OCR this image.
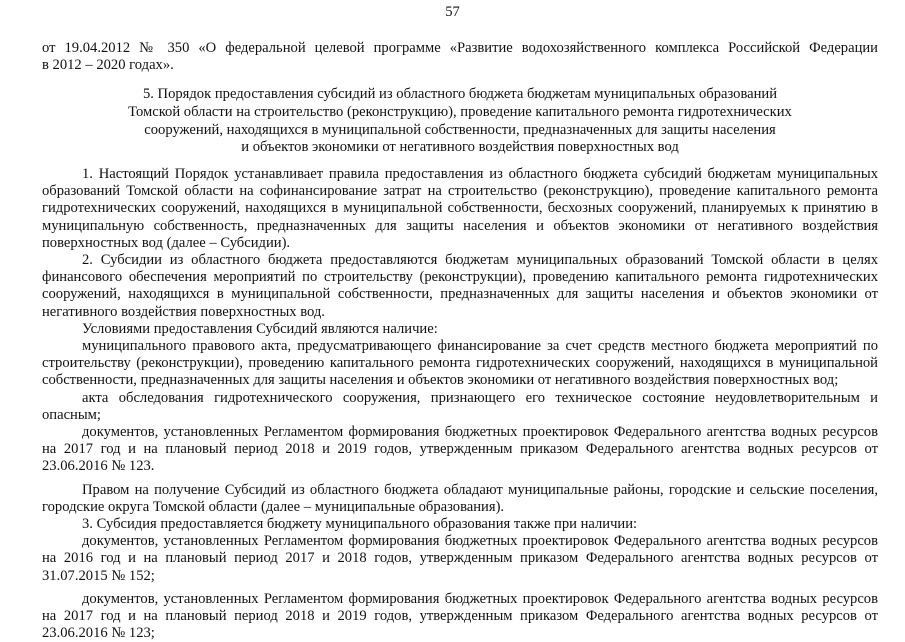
57
от 19.04.2012 № 350 «О федеральной целевой программе «Развитие водохозяйственного комплекса Российской Федерации
в 2012 – 2020 годах».
5. Порядок предоставления субсидий из областного бюджета бюджетам муниципальных образований
Томской области на строительство (реконструкцию), проведение капитального ремонта гидротехнических
сооружений, находящихся в муниципальной собственности, предназначенных для защиты населения
и объектов экономики от негативного воздействия поверхностных вод

1. Настоящий Порядок устанавливает правила предоставления из областного бюджета субсидий бюджетам муниципальных образований Томской области на софинансирование затрат на строительство (реконструкцию), проведение капитального ремонта гидротехнических сооружений, находящихся в муниципальной собственности, бесхозных сооружений, планируемых к принятию в муниципальную собственность, предназначенных для защиты населения и объектов экономики от негативного воздействия поверхностных вод (далее – Субсидии).

2. Субсидии из областного бюджета предоставляются бюджетам муниципальных образований Томской области в целях финансового обеспечения мероприятий по строительству (реконструкции), проведению капитального ремонта гидротехнических сооружений, находящихся в муниципальной собственности, предназначенных для защиты населения и объектов экономики от негативного воздействия поверхностных вод.

Условиями предоставления Субсидий являются наличие:

муниципального правового акта, предусматривающего финансирование за счет средств местного бюджета мероприятий по строительству (реконструкции), проведению капитального ремонта гидротехнических сооружений, находящихся в муниципальной собственности, предназначенных для защиты населения и объектов экономики от негативного воздействия поверхностных вод;

акта обследования гидротехнического сооружения, признающего его техническое состояние неудовлетворительным и опасным;

документов, установленных Регламентом формирования бюджетных проектировок Федерального агентства водных ресурсов на 2017 год и на плановый период 2018 и 2019 годов, утвержденным приказом Федерального агентства водных ресурсов от 23.06.2016 № 123.

Правом на получение Субсидий из областного бюджета обладают муниципальные районы, городские и сельские поселения, городские округа Томской области (далее – муниципальные образования).

3. Субсидия предоставляется бюджету муниципального образования также при наличии:

документов, установленных Регламентом формирования бюджетных проектировок Федерального агентства водных ресурсов на 2016 год и на плановый период 2017 и 2018 годов, утвержденным приказом Федерального агентства водных ресурсов от 31.07.2015 № 152;

документов, установленных Регламентом формирования бюджетных проектировок Федерального агентства водных ресурсов на 2017 год и на плановый период 2018 и 2019 годов, утвержденным приказом Федерального агентства водных ресурсов от 23.06.2016 № 123;
